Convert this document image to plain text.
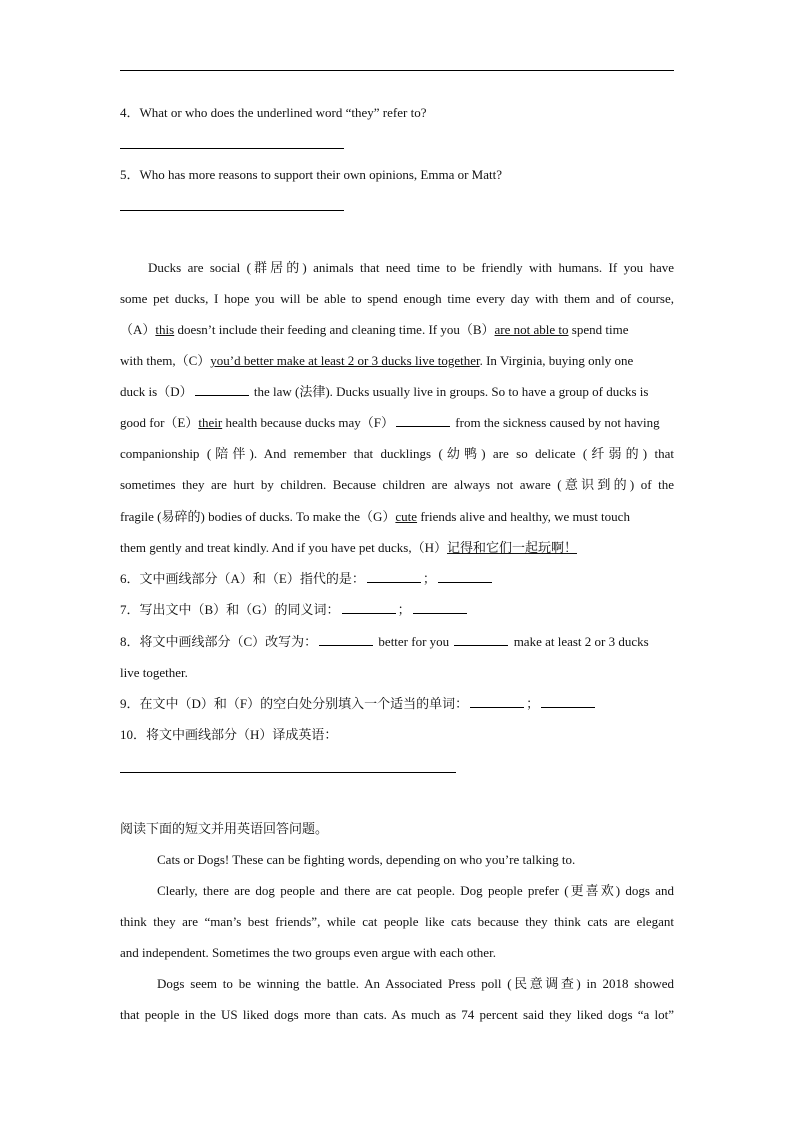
4．What or who does the underlined word “they” refer to?
5．Who has more reasons to support their own opinions, Emma or Matt?
Ducks are social (群居的) animals that need time to be friendly with humans. If you have
some pet ducks, I hope you will be able to spend enough time every day with them and of course,
（A）this doesn’t include their feeding and cleaning time. If you（B）are not able to spend time
with them,（C）you’d better make at least 2 or 3 ducks live together. In Virginia, buying only one
duck is（D）	the law (法律). Ducks usually live in groups. So to have a group of ducks is
good for（E）their health because ducks may（F）	from the sickness caused by not having
companionship (陪伴). And remember that ducklings (幼鸭) are so delicate (纤弱的) that
sometimes they are hurt by children. Because children are always not aware (意识到的) of the
fragile (易碎的) bodies of ducks. To make the（G）cute friends alive and healthy, we must touch
them gently and treat kindly. And if you have pet ducks,（H）记得和它们一起玩啊！
6．文中画线部分（A）和（E）指代的是：	；
7．写出文中（B）和（G）的同义词：	；
8．将文中画线部分（C）改写为：	better for you	make at least 2 or 3 ducks
live together.
9．在文中（D）和（F）的空白处分别填入一个适当的单词：	；
10．将文中画线部分（H）译成英语：
阅读下面的短文并用英语回答问题。
Cats or Dogs! These can be fighting words, depending on who you’re talking to.
Clearly, there are dog people and there are cat people. Dog people prefer (更喜欢) dogs and
think they are “man’s best friends”, while cat people like cats because they think cats are elegant
and independent. Sometimes the two groups even argue with each other.
Dogs seem to be winning the battle. An Associated Press poll (民意调查) in 2018 showed
that people in the US liked dogs more than cats. As much as 74 percent said they liked dogs “a lot”
